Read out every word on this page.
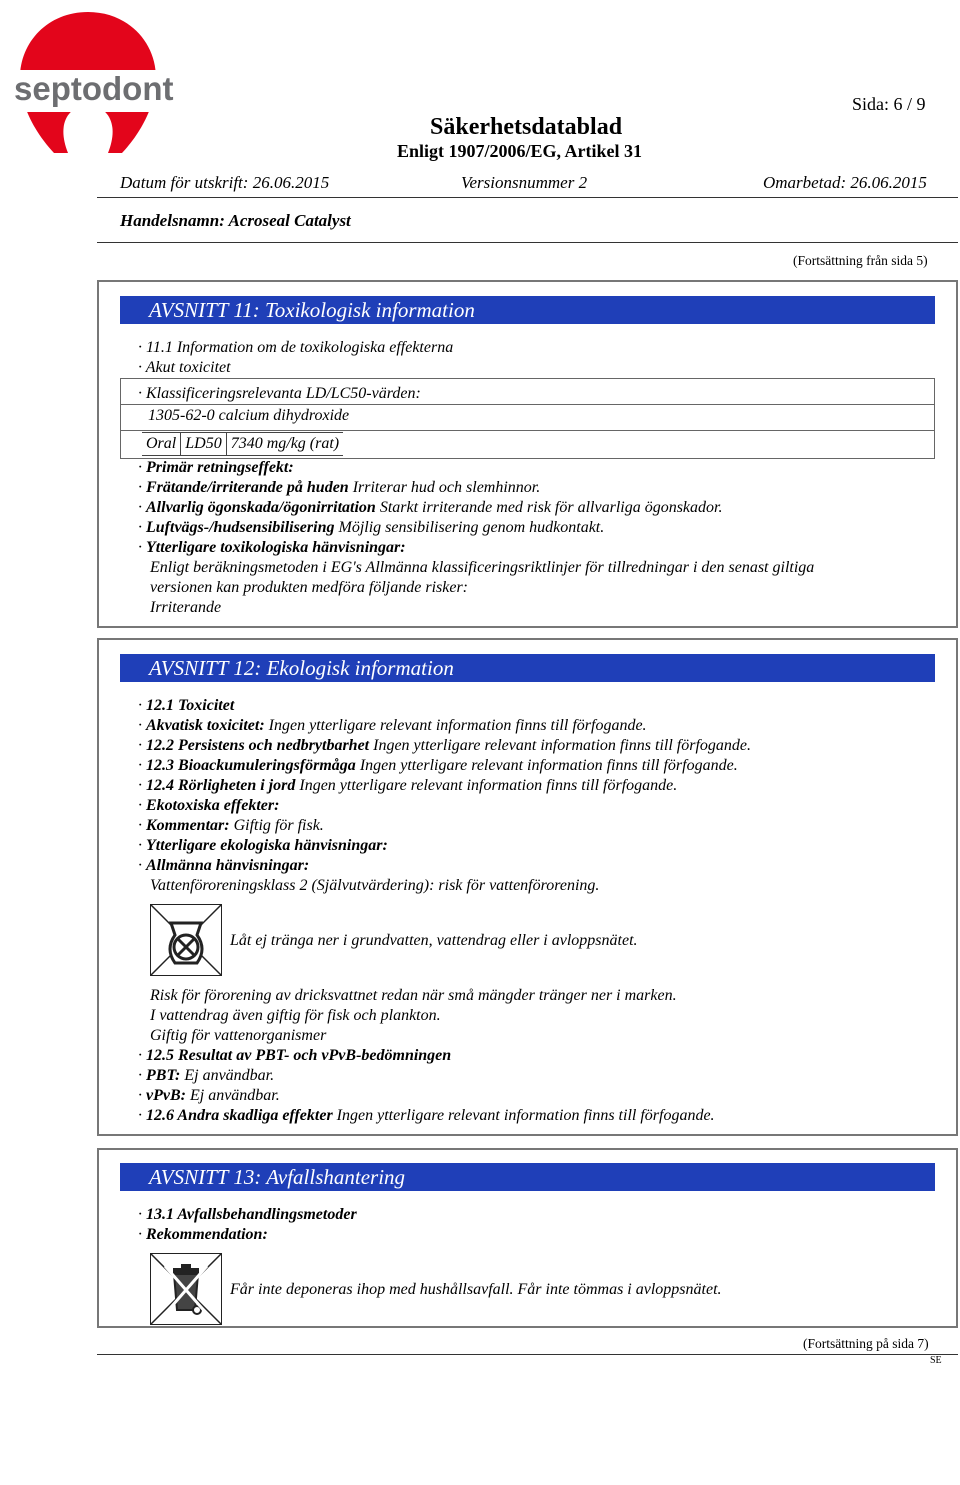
septodont	Sida: 6 / 9
Säkerhetsdatablad
Enligt 1907/2006/EG, Artikel 31
Datum för utskrift: 26.06.2015	Versionsnummer 2	Omarbetad: 26.06.2015
Handelsnamn: Acroseal Catalyst
(Fortsättning från sida 5)
AVSNITT 11: Toxikologisk information
· 11.1 Information om de toxikologiska effekterna
· Akut toxicitet
· Klassificeringsrelevanta LD/LC50-värden:
1305-62-0 calcium dihydroxide
Oral	LD50	7340 mg/kg (rat)
· Primär retningseffekt:
· Frätande/irriterande på huden Irriterar hud och slemhinnor.
· Allvarlig ögonskada/ögonirritation Starkt irriterande med risk för allvarliga ögonskador.
· Luftvägs-/hudsensibilisering Möjlig sensibilisering genom hudkontakt.
· Ytterligare toxikologiska hänvisningar:
Enligt beräkningsmetoden i EG's Allmänna klassificeringsriktlinjer för tillredningar i den senast giltiga
versionen kan produkten medföra följande risker:
Irriterande
AVSNITT 12: Ekologisk information
· 12.1 Toxicitet
· Akvatisk toxicitet: Ingen ytterligare relevant information finns till förfogande.
· 12.2 Persistens och nedbrytbarhet Ingen ytterligare relevant information finns till förfogande.
· 12.3 Bioackumuleringsförmåga Ingen ytterligare relevant information finns till förfogande.
· 12.4 Rörligheten i jord Ingen ytterligare relevant information finns till förfogande.
· Ekotoxiska effekter:
· Kommentar: Giftig för fisk.
· Ytterligare ekologiska hänvisningar:
· Allmänna hänvisningar:
Vattenföroreningsklass 2 (Självutvärdering): risk för vattenförorening.
Låt ej tränga ner i grundvatten, vattendrag eller i avloppsnätet.
Risk för förorening av dricksvattnet redan när små mängder tränger ner i marken.
I vattendrag även giftig för fisk och plankton.
Giftig för vattenorganismer
· 12.5 Resultat av PBT- och vPvB-bedömningen
· PBT: Ej användbar.
· vPvB: Ej användbar.
· 12.6 Andra skadliga effekter Ingen ytterligare relevant information finns till förfogande.
AVSNITT 13: Avfallshantering
· 13.1 Avfallsbehandlingsmetoder
· Rekommendation:
Får inte deponeras ihop med hushållsavfall. Får inte tömmas i avloppsnätet.
(Fortsättning på sida 7)
SE
